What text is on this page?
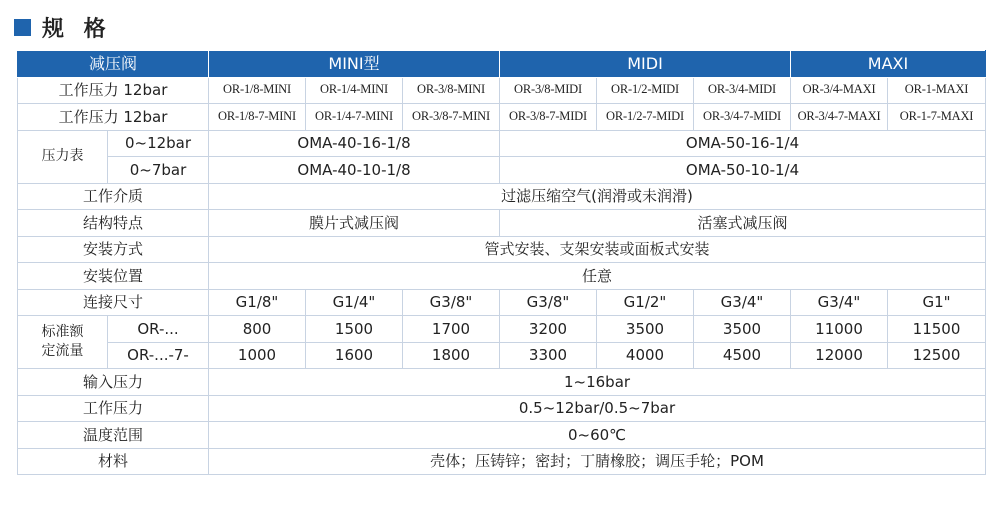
规 格
减压阀		MINI型			MIDI			MAXI	
工作压力 12bar		OR-1/8-MINI	OR-1/4-MINI	OR-3/8-MINI	OR-3/8-MIDI	OR-1/2-MIDI	OR-3/4-MIDI	OR-3/4-MAXI	OR-1-MAXI
工作压力 12bar		OR-1/8-7-MINI	OR-1/4-7-MINI	OR-3/8-7-MINI	OR-3/8-7-MIDI	OR-1/2-7-MIDI	OR-3/4-7-MIDI	OR-3/4-7-MAXI	OR-1-7-MAXI
压力表	0~12bar	OMA-40-16-1/8			OMA-50-16-1/4				
	0~7bar	OMA-40-10-1/8			OMA-50-10-1/4				
工作介质		过滤压缩空气(润滑或未润滑)							
结构特点		膜片式减压阀			活塞式减压阀				
安装方式		管式安装、支架安装或面板式安装							
安装位置		任意							
连接尺寸		G1/8"	G1/4"	G3/8"	G3/8"	G1/2"	G3/4"	G3/4"	G1"
标准额
定流量	OR-...	800	1500	1700	3200	3500	3500	11000	11500
	OR-...-7-	1000	1600	1800	3300	4000	4500	12000	12500
输入压力		1~16bar							
工作压力		0.5~12bar/0.5~7bar							
温度范围		0~60℃							
材料		壳体；压铸锌；密封；丁腈橡胶；调压手轮；POM							
